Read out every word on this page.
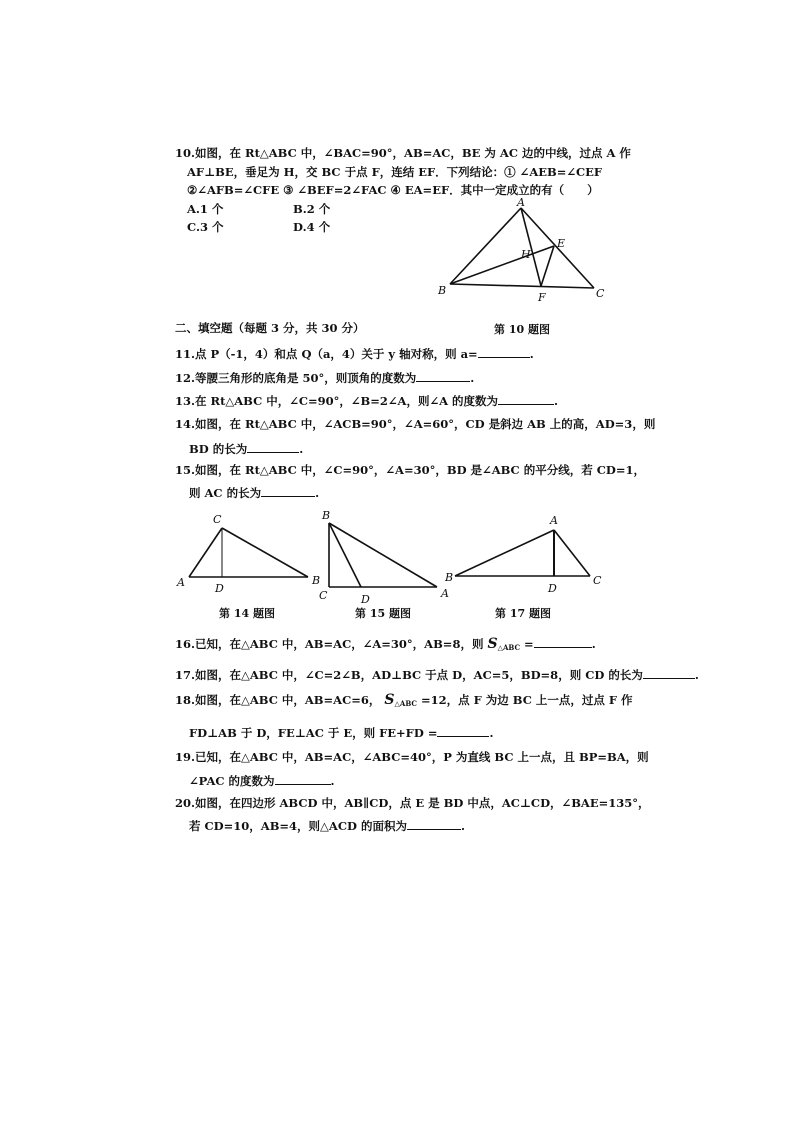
10.如图，在 Rt△ABC 中，∠BAC=90°，AB=AC，BE 为 AC 边的中线，过点 A 作
AF⊥BE，垂足为 H，交 BC 于点 F，连结 EF．下列结论：① ∠AEB=∠CEF
②∠AFB=∠CFE ③ ∠BEF=2∠FAC ④ EA=EF．其中一定成立的有（　　）
A.1 个	B.2 个
C.3 个	D.4 个
A
B	C
E
F
H
第 10 题图
二、填空题（每题 3 分，共 30 分）
11.点 P（-1，4）和点 Q（a，4）关于 y 轴对称，则 a=	.
12.等腰三角形的底角是 50°，则顶角的度数为	.
13.在 Rt△ABC 中，∠C=90°，∠B=2∠A，则∠A 的度数为	.
14.如图，在 Rt△ABC 中，∠ACB=90°，∠A=60°，CD 是斜边 AB 上的高，AD=3，则
BD 的长为	.
15.如图，在 Rt△ABC 中，∠C=90°，∠A=30°，BD 是∠ABC 的平分线，若 CD=1，
则 AC 的长为	.
C
A	B
D
第 14 题图
B
C	A
D
第 15 题图
A
B	C
D
第 17 题图
16.已知，在△ABC 中，AB=AC，∠A=30°，AB=8，则 $S_{\triangle ABC}$ =	.
17.如图，在△ABC 中，∠C=2∠B，AD⊥BC 于点 D，AC=5，BD=8，则 CD 的长为	.
18.如图，在△ABC 中，AB=AC=6， $S_{\triangle ABC} =12$，点 F 为边 BC 上一点，过点 F 作
FD⊥AB 于 D，FE⊥AC 于 E，则 FE+FD =	.
19.已知，在△ABC 中，AB=AC，∠ABC=40°，P 为直线 BC 上一点，且 BP=BA，则
∠PAC 的度数为	.
20.如图，在四边形 ABCD 中，AB∥CD，点 E 是 BD 中点，AC⊥CD，∠BAE=135°，
若 CD=10，AB=4，则△ACD 的面积为	.
